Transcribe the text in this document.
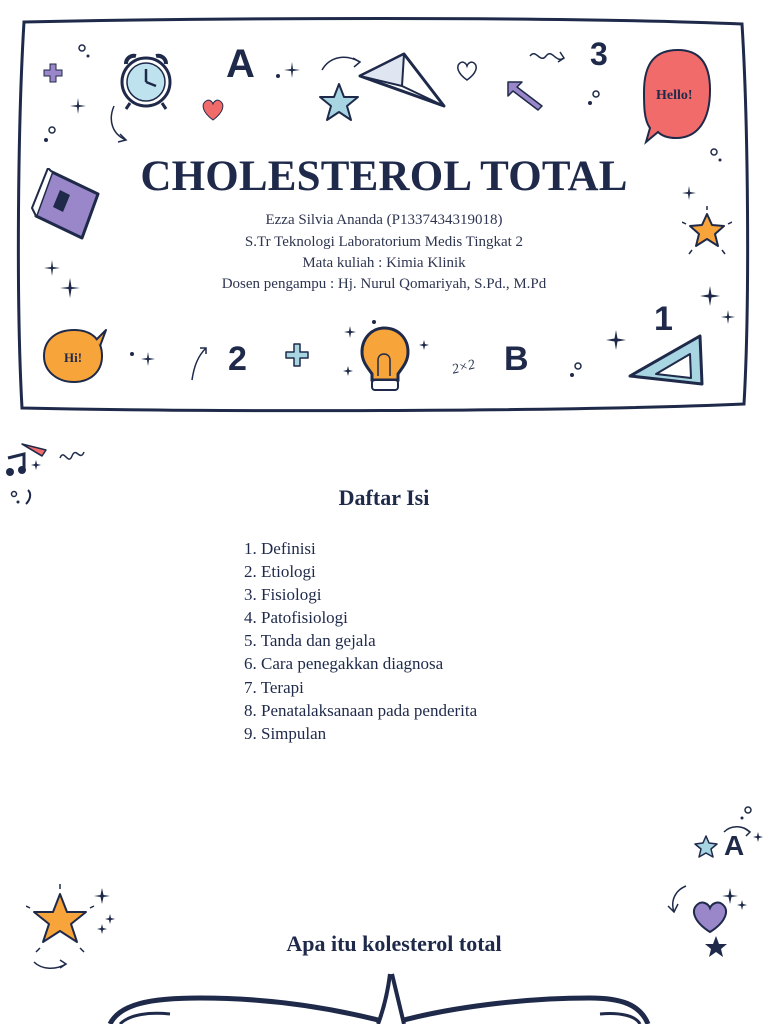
A	3
Hello!
CHOLESTEROL TOTAL
Ezza Silvia Ananda (P1337434319018)
S.Tr Teknologi Laboratorium Medis Tingkat 2
Mata kuliah : Kimia Klinik
Dosen pengampu : Hj. Nurul Qomariyah, S.Pd., M.Pd
Hi!	2	2×2 B
1
Daftar Isi
1. Definisi
2. Etiologi
3. Fisiologi
4. Patofisiologi
5. Tanda dan gejala
6. Cara penegakkan diagnosa
7. Terapi
8. Penatalaksanaan pada penderita
9. Simpulan
A
Apa itu kolesterol total
